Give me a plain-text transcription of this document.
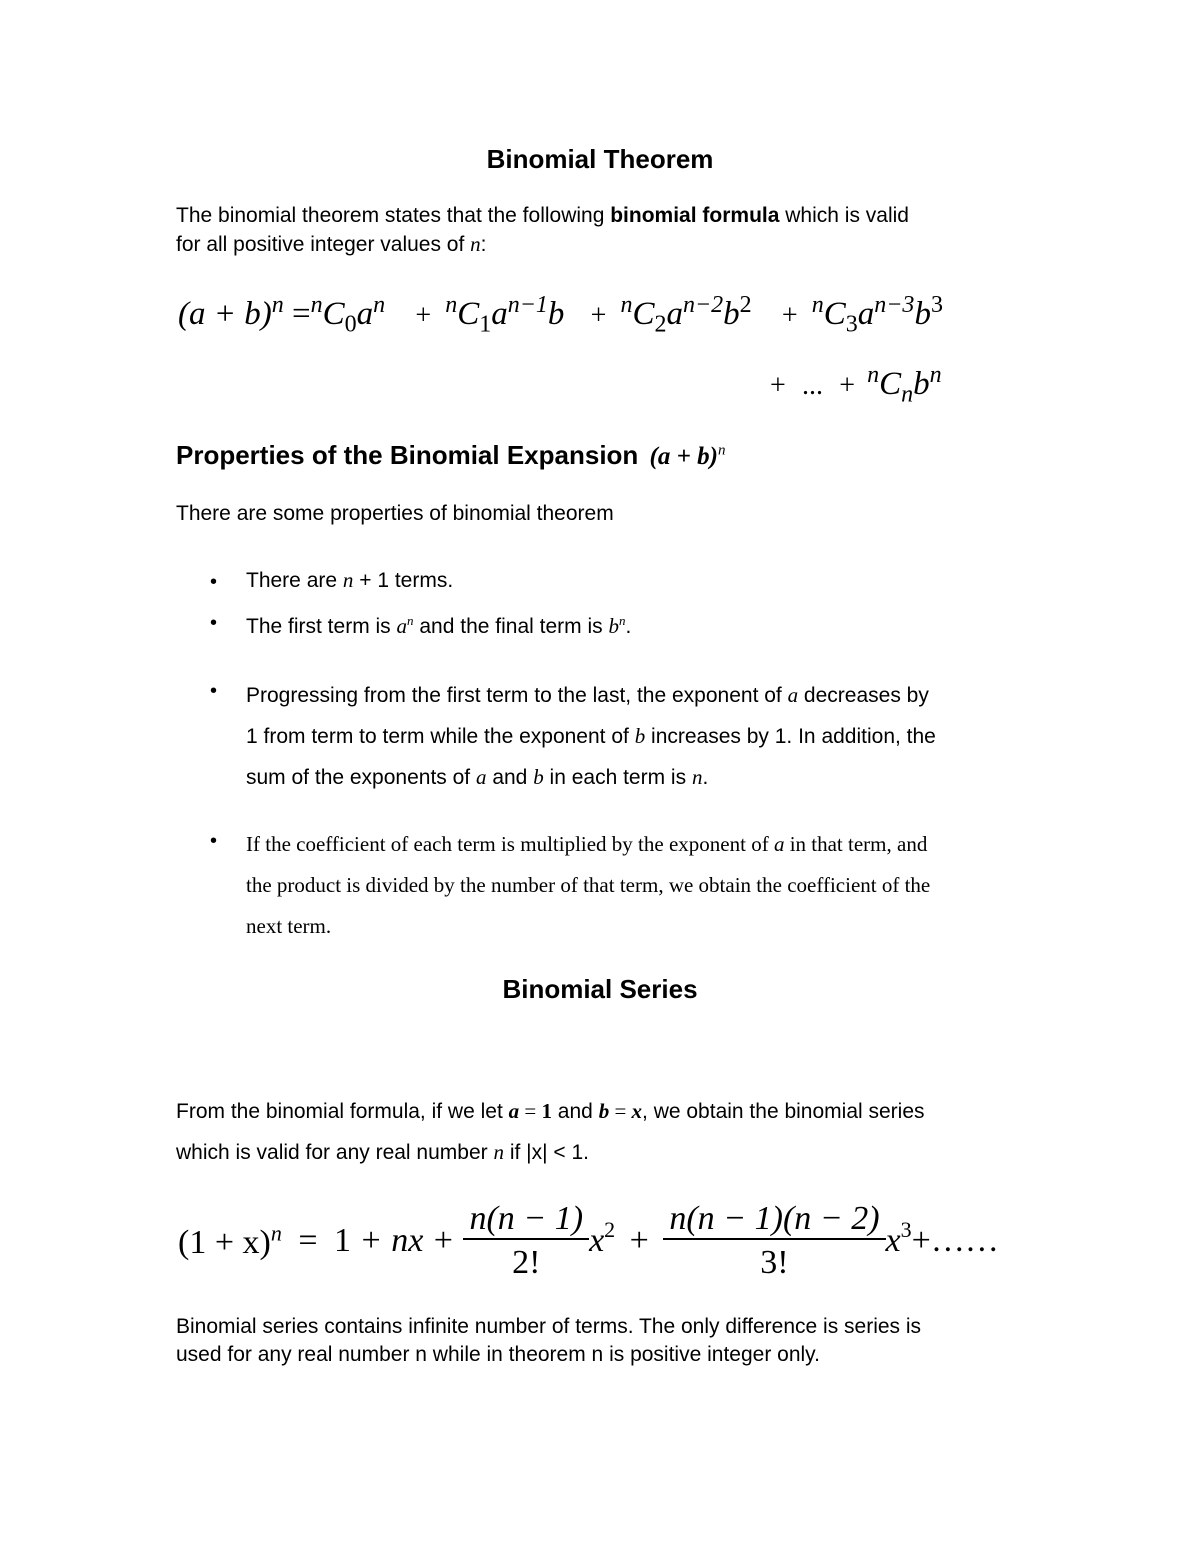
Binomial Theorem
The binomial theorem states that the following binomial formula which is valid
for all positive integer values of n:
$(a + b)^n =^nC_0a^n + ^nC_1a^{n-1}b + ^nC_2a^{n-2}b^2 + ^nC_3a^{n-3}b^3$
+ ... + $^nC_nb^n$
Properties of the Binomial Expansion $(a + b)^n$
There are some properties of binomial theorem
• There are n + 1 terms.
• The first term is $a^n$ and the final term is $b^n$.
• Progressing from the first term to the last, the exponent of a decreases by
1 from term to term while the exponent of b increases by 1. In addition, the
sum of the exponents of a and b in each term is n.
• If the coefficient of each term is multiplied by the exponent of a in that term, and
the product is divided by the number of that term, we obtain the coefficient of the
next term.
Binomial Series
From the binomial formula, if we let a = 1 and b = x, we obtain the binomial series
which is valid for any real number n if |x| < 1.
$(1 + x)^n = 1$ + nx + $\frac{n(n - 1)}{2!} x^2 + \frac{n(n - 1)(n - 2)}{3!}$ $x^3+\dots\dots$
Binomial series contains infinite number of terms. The only difference is series is
used for any real number n while in theorem n is positive integer only.
